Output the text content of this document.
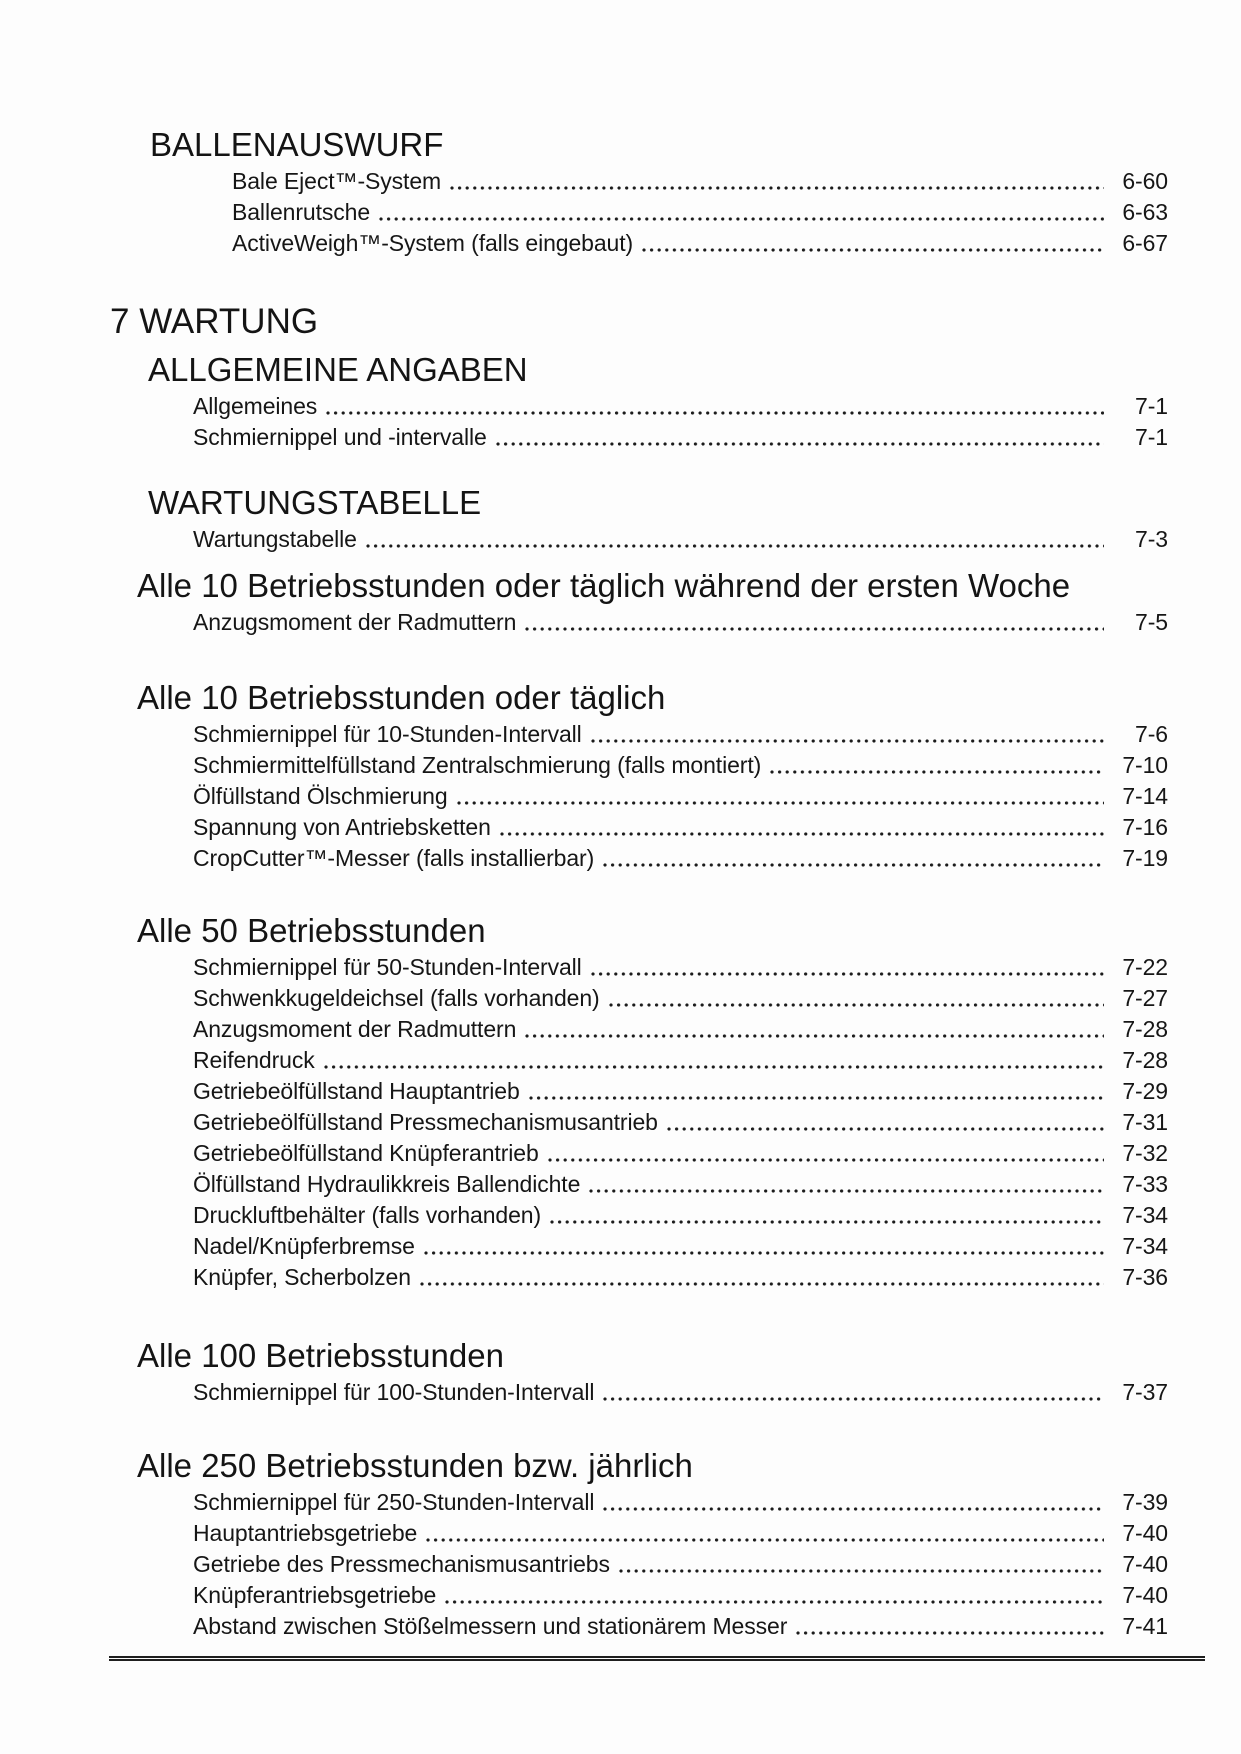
BALLENAUSWURF
Bale Eject™-System	6-60
Ballenrutsche	6-63
ActiveWeigh™-System (falls eingebaut)	6-67
7 WARTUNG
ALLGEMEINE ANGABEN
Allgemeines	7-1
Schmiernippel und -intervalle	7-1
WARTUNGSTABELLE
Wartungstabelle	7-3
Alle 10 Betriebsstunden oder täglich während der ersten Woche
Anzugsmoment der Radmuttern	7-5
Alle 10 Betriebsstunden oder täglich
Schmiernippel für 10-Stunden-Intervall	7-6
Schmiermittelfüllstand Zentralschmierung (falls montiert)	7-10
Ölfüllstand Ölschmierung	7-14
Spannung von Antriebsketten	7-16
CropCutter™-Messer (falls installierbar)	7-19
Alle 50 Betriebsstunden
Schmiernippel für 50-Stunden-Intervall	7-22
Schwenkkugeldeichsel (falls vorhanden)	7-27
Anzugsmoment der Radmuttern	7-28
Reifendruck	7-28
Getriebeölfüllstand Hauptantrieb	7-29
Getriebeölfüllstand Pressmechanismusantrieb	7-31
Getriebeölfüllstand Knüpferantrieb	7-32
Ölfüllstand Hydraulikkreis Ballendichte	7-33
Druckluftbehälter (falls vorhanden)	7-34
Nadel/Knüpferbremse	7-34
Knüpfer, Scherbolzen	7-36
Alle 100 Betriebsstunden
Schmiernippel für 100-Stunden-Intervall	7-37
Alle 250 Betriebsstunden bzw. jährlich
Schmiernippel für 250-Stunden-Intervall	7-39
Hauptantriebsgetriebe	7-40
Getriebe des Pressmechanismusantriebs	7-40
Knüpferantriebsgetriebe	7-40
Abstand zwischen Stößelmessern und stationärem Messer	7-41
